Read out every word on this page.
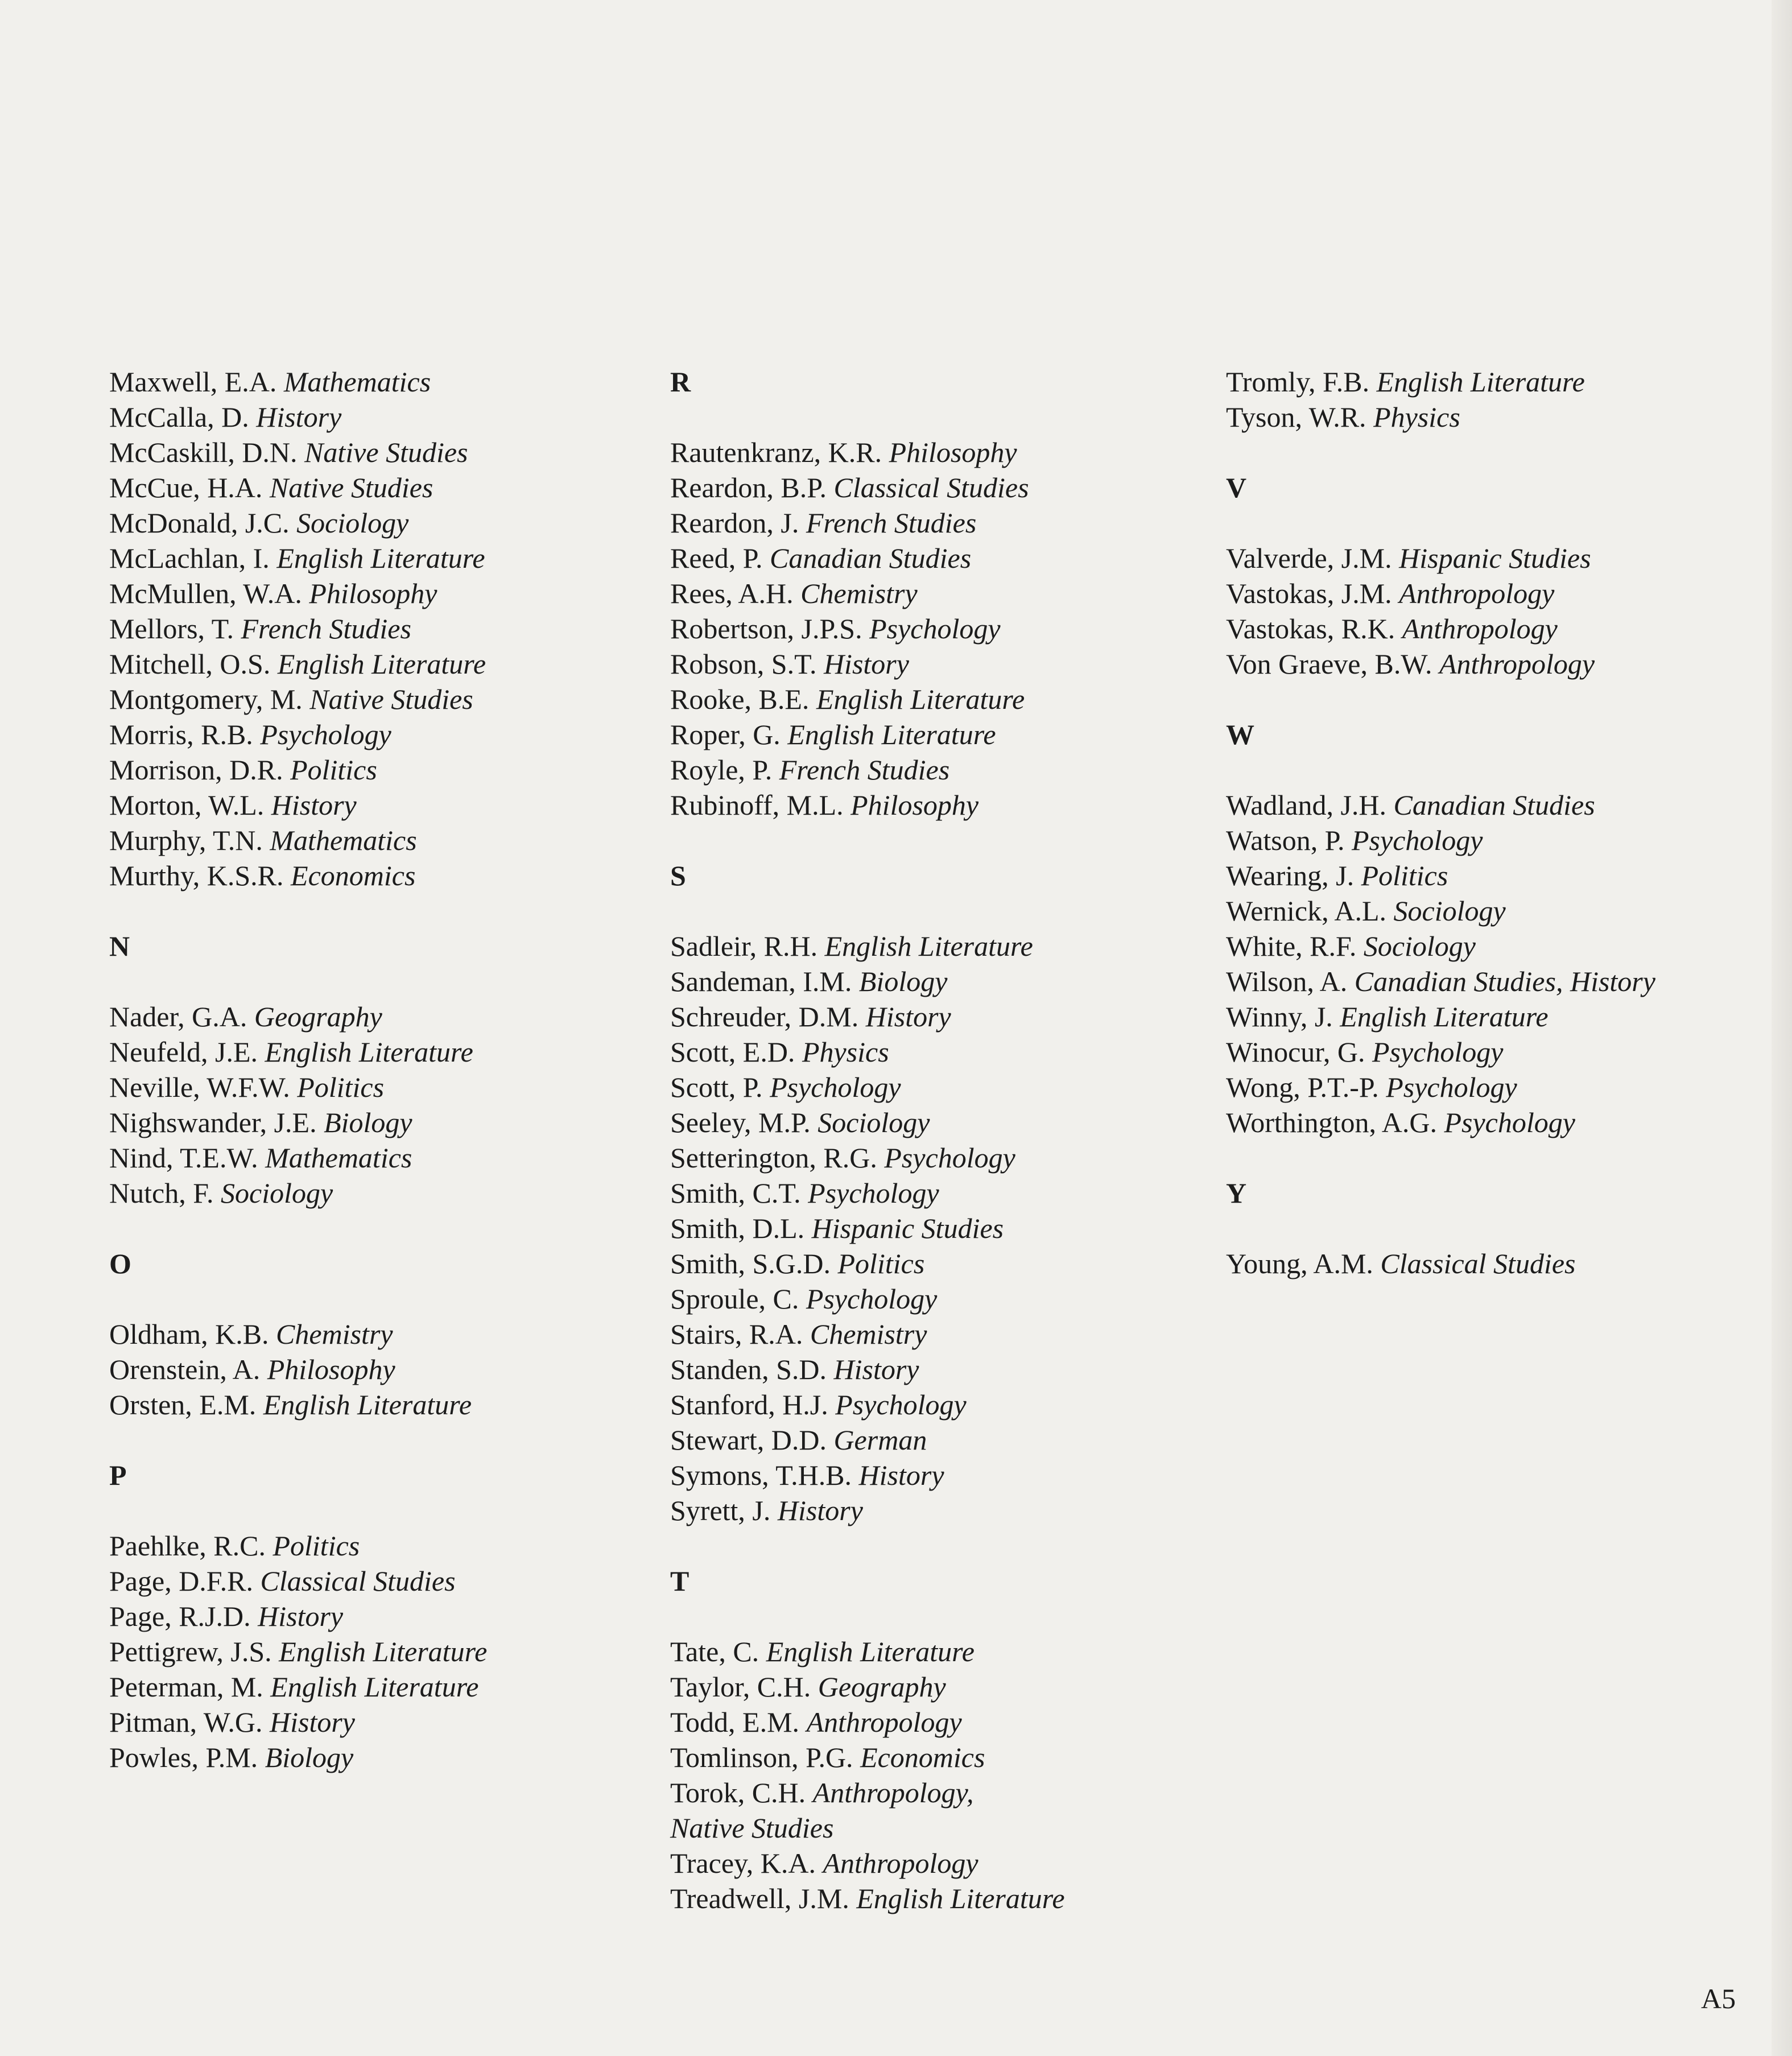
Maxwell, E.A. Mathematics
McCalla, D. History
McCaskill, D.N. Native Studies
McCue, H.A. Native Studies
McDonald, J.C. Sociology
McLachlan, I. English Literature
McMullen, W.A. Philosophy
Mellors, T. French Studies
Mitchell, O.S. English Literature
Montgomery, M. Native Studies
Morris, R.B. Psychology
Morrison, D.R. Politics
Morton, W.L. History
Murphy, T.N. Mathematics
Murthy, K.S.R. Economics
N
Nader, G.A. Geography
Neufeld, J.E. English Literature
Neville, W.F.W. Politics
Nighswander, J.E. Biology
Nind, T.E.W. Mathematics
Nutch, F. Sociology
O
Oldham, K.B. Chemistry
Orenstein, A. Philosophy
Orsten, E.M. English Literature
P
Paehlke, R.C. Politics
Page, D.F.R. Classical Studies
Page, R.J.D. History
Pettigrew, J.S. English Literature
Peterman, M. English Literature
Pitman, W.G. History
Powles, P.M. Biology
R
Rautenkranz, K.R. Philosophy
Reardon, B.P. Classical Studies
Reardon, J. French Studies
Reed, P. Canadian Studies
Rees, A.H. Chemistry
Robertson, J.P.S. Psychology
Robson, S.T. History
Rooke, B.E. English Literature
Roper, G. English Literature
Royle, P. French Studies
Rubinoff, M.L. Philosophy
S
Sadleir, R.H. English Literature
Sandeman, I.M. Biology
Schreuder, D.M. History
Scott, E.D. Physics
Scott, P. Psychology
Seeley, M.P. Sociology
Setterington, R.G. Psychology
Smith, C.T. Psychology
Smith, D.L. Hispanic Studies
Smith, S.G.D. Politics
Sproule, C. Psychology
Stairs, R.A. Chemistry
Standen, S.D. History
Stanford, H.J. Psychology
Stewart, D.D. German
Symons, T.H.B. History
Syrett, J. History
T
Tate, C. English Literature
Taylor, C.H. Geography
Todd, E.M. Anthropology
Tomlinson, P.G. Economics
Torok, C.H. Anthropology,
Native Studies
Tracey, K.A. Anthropology
Treadwell, J.M. English Literature
Tromly, F.B. English Literature
Tyson, W.R. Physics
V
Valverde, J.M. Hispanic Studies
Vastokas, J.M. Anthropology
Vastokas, R.K. Anthropology
Von Graeve, B.W. Anthropology
W
Wadland, J.H. Canadian Studies
Watson, P. Psychology
Wearing, J. Politics
Wernick, A.L. Sociology
White, R.F. Sociology
Wilson, A. Canadian Studies, History
Winny, J. English Literature
Winocur, G. Psychology
Wong, P.T.-P. Psychology
Worthington, A.G. Psychology
Y
Young, A.M. Classical Studies
A5
